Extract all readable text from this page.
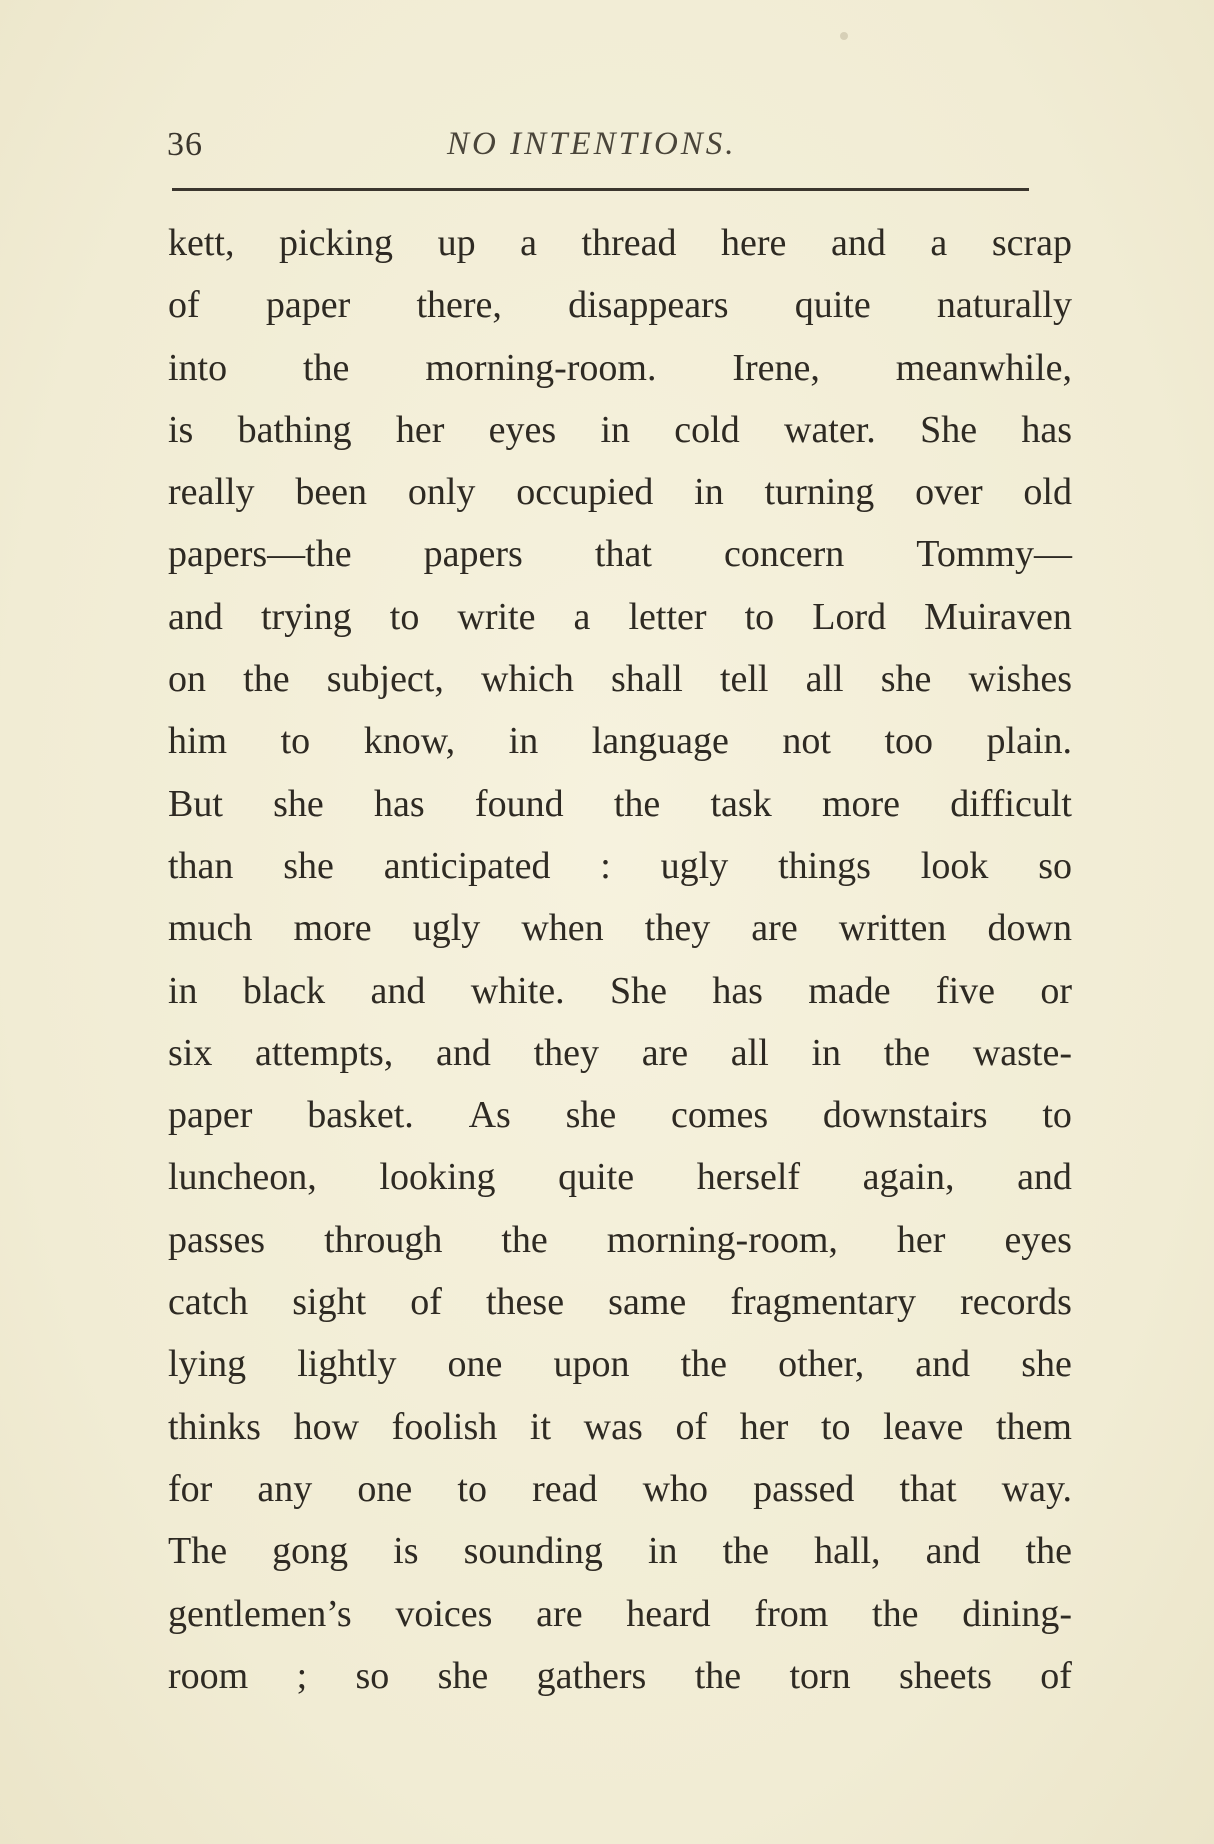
36	NO INTENTIONS.
kett, picking up a thread here and a scrap
of paper there, disappears quite naturally
into the morning-room. Irene, meanwhile,
is bathing her eyes in cold water. She has
really been only occupied in turning over old
papers—the papers that concern Tommy—
and trying to write a letter to Lord Muiraven
on the subject, which shall tell all she wishes
him to know, in language not too plain.
But she has found the task more difficult
than she anticipated : ugly things look so
much more ugly when they are written down
in black and white. She has made five or
six attempts, and they are all in the waste-
paper basket. As she comes downstairs to
luncheon, looking quite herself again, and
passes through the morning-room, her eyes
catch sight of these same fragmentary records
lying lightly one upon the other, and she
thinks how foolish it was of her to leave them
for any one to read who passed that way.
The gong is sounding in the hall, and the
gentlemen’s voices are heard from the dining-
room ; so she gathers the torn sheets of
